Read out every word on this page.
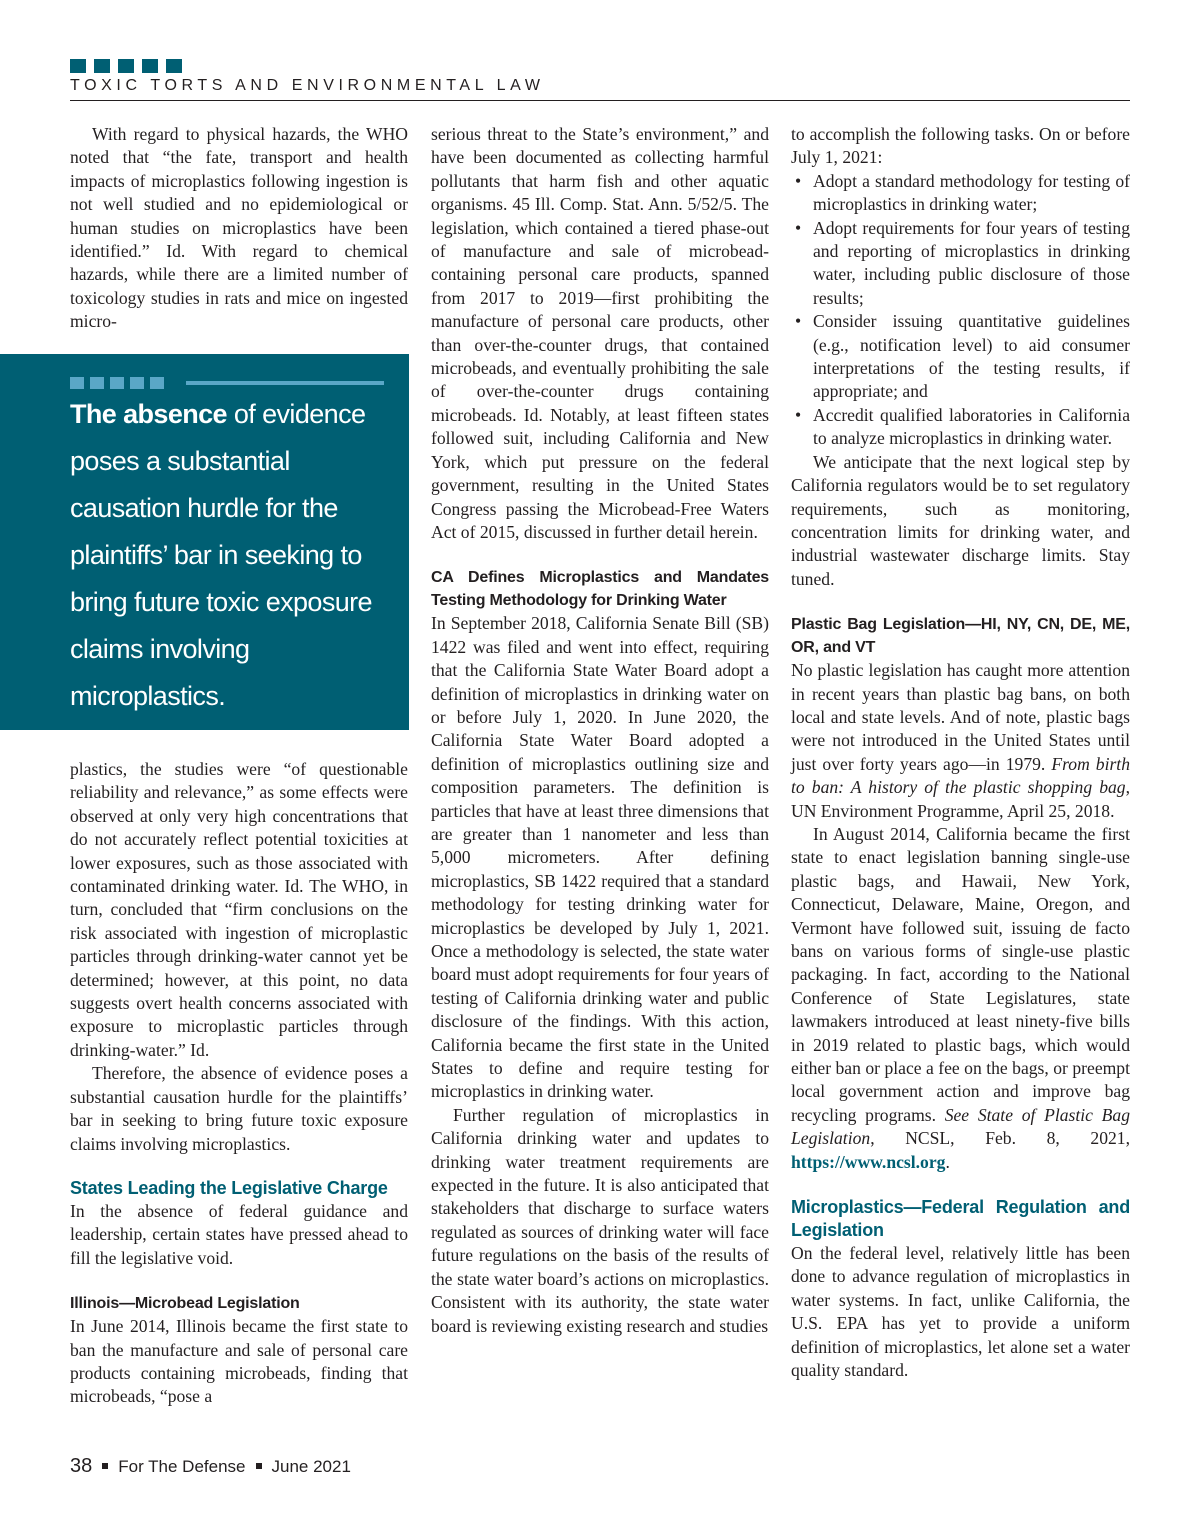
TOXIC TORTS AND ENVIRONMENTAL LAW

With regard to physical hazards, the WHO noted that “the fate, transport and health impacts of microplastics following ingestion is not well studied and no epidemiological or human studies on microplastics have been identified.” Id. With regard to chemical hazards, while there are a limited number of toxicology studies in rats and mice on ingested micro-

The absence of evidence poses a substantial causation hurdle for the plaintiffs’ bar in seeking to bring future toxic exposure claims involving microplastics.

plastics, the studies were “of questionable reliability and relevance,” as some effects were observed at only very high concentrations that do not accurately reflect potential toxicities at lower exposures, such as those associated with contaminated drinking water. Id. The WHO, in turn, concluded that “firm conclusions on the risk associated with ingestion of microplastic particles through drinking-water cannot yet be determined; however, at this point, no data suggests overt health concerns associated with exposure to microplastic particles through drinking-water.” Id.

Therefore, the absence of evidence poses a substantial causation hurdle for the plaintiffs’ bar in seeking to bring future toxic exposure claims involving microplastics.

States Leading the Legislative Charge

In the absence of federal guidance and leadership, certain states have pressed ahead to fill the legislative void.

Illinois—Microbead Legislation

In June 2014, Illinois became the first state to ban the manufacture and sale of personal care products containing microbeads, finding that microbeads, “pose a

serious threat to the State’s environment,” and have been documented as collecting harmful pollutants that harm fish and other aquatic organisms. 45 Ill. Comp. Stat. Ann. 5/52/5. The legislation, which contained a tiered phase-out of manufacture and sale of microbead-containing personal care products, spanned from 2017 to 2019—first prohibiting the manufacture of personal care products, other than over-the-counter drugs, that contained microbeads, and eventually prohibiting the sale of over-the-counter drugs containing microbeads. Id. Notably, at least fifteen states followed suit, including California and New York, which put pressure on the federal government, resulting in the United States Congress passing the Microbead-Free Waters Act of 2015, discussed in further detail herein.

CA Defines Microplastics and Mandates Testing Methodology for Drinking Water

In September 2018, California Senate Bill (SB) 1422 was filed and went into effect, requiring that the California State Water Board adopt a definition of microplastics in drinking water on or before July 1, 2020. In June 2020, the California State Water Board adopted a definition of microplastics outlining size and composition parameters. The definition is particles that have at least three dimensions that are greater than 1 nanometer and less than 5,000 micrometers. After defining microplastics, SB 1422 required that a standard methodology for testing drinking water for microplastics be developed by July 1, 2021. Once a methodology is selected, the state water board must adopt requirements for four years of testing of California drinking water and public disclosure of the findings. With this action, California became the first state in the United States to define and require testing for microplastics in drinking water.

Further regulation of microplastics in California drinking water and updates to drinking water treatment requirements are expected in the future. It is also anticipated that stakeholders that discharge to surface waters regulated as sources of drinking water will face future regulations on the basis of the results of the state water board’s actions on microplastics. Consistent with its authority, the state water board is reviewing existing research and studies

to accomplish the following tasks. On or before July 1, 2021:

• Adopt a standard methodology for testing of microplastics in drinking water;
• Adopt requirements for four years of testing and reporting of microplastics in drinking water, including public disclosure of those results;
• Consider issuing quantitative guidelines (e.g., notification level) to aid consumer interpretations of the testing results, if appropriate; and
• Accredit qualified laboratories in California to analyze microplastics in drinking water.

We anticipate that the next logical step by California regulators would be to set regulatory requirements, such as monitoring, concentration limits for drinking water, and industrial wastewater discharge limits. Stay tuned.

Plastic Bag Legislation—HI, NY, CN, DE, ME, OR, and VT

No plastic legislation has caught more attention in recent years than plastic bag bans, on both local and state levels. And of note, plastic bags were not introduced in the United States until just over forty years ago—in 1979. From birth to ban: A history of the plastic shopping bag, UN Environment Programme, April 25, 2018.

In August 2014, California became the first state to enact legislation banning single-use plastic bags, and Hawaii, New York, Connecticut, Delaware, Maine, Oregon, and Vermont have followed suit, issuing de facto bans on various forms of single-use plastic packaging. In fact, according to the National Conference of State Legislatures, state lawmakers introduced at least ninety-five bills in 2019 related to plastic bags, which would either ban or place a fee on the bags, or preempt local government action and improve bag recycling programs. See State of Plastic Bag Legislation, NCSL, Feb. 8, 2021, https://www.ncsl.org.

Microplastics—Federal Regulation and Legislation

On the federal level, relatively little has been done to advance regulation of microplastics in water systems. In fact, unlike California, the U.S. EPA has yet to provide a uniform definition of microplastics, let alone set a water quality standard.

38 For The Defense June 2021
